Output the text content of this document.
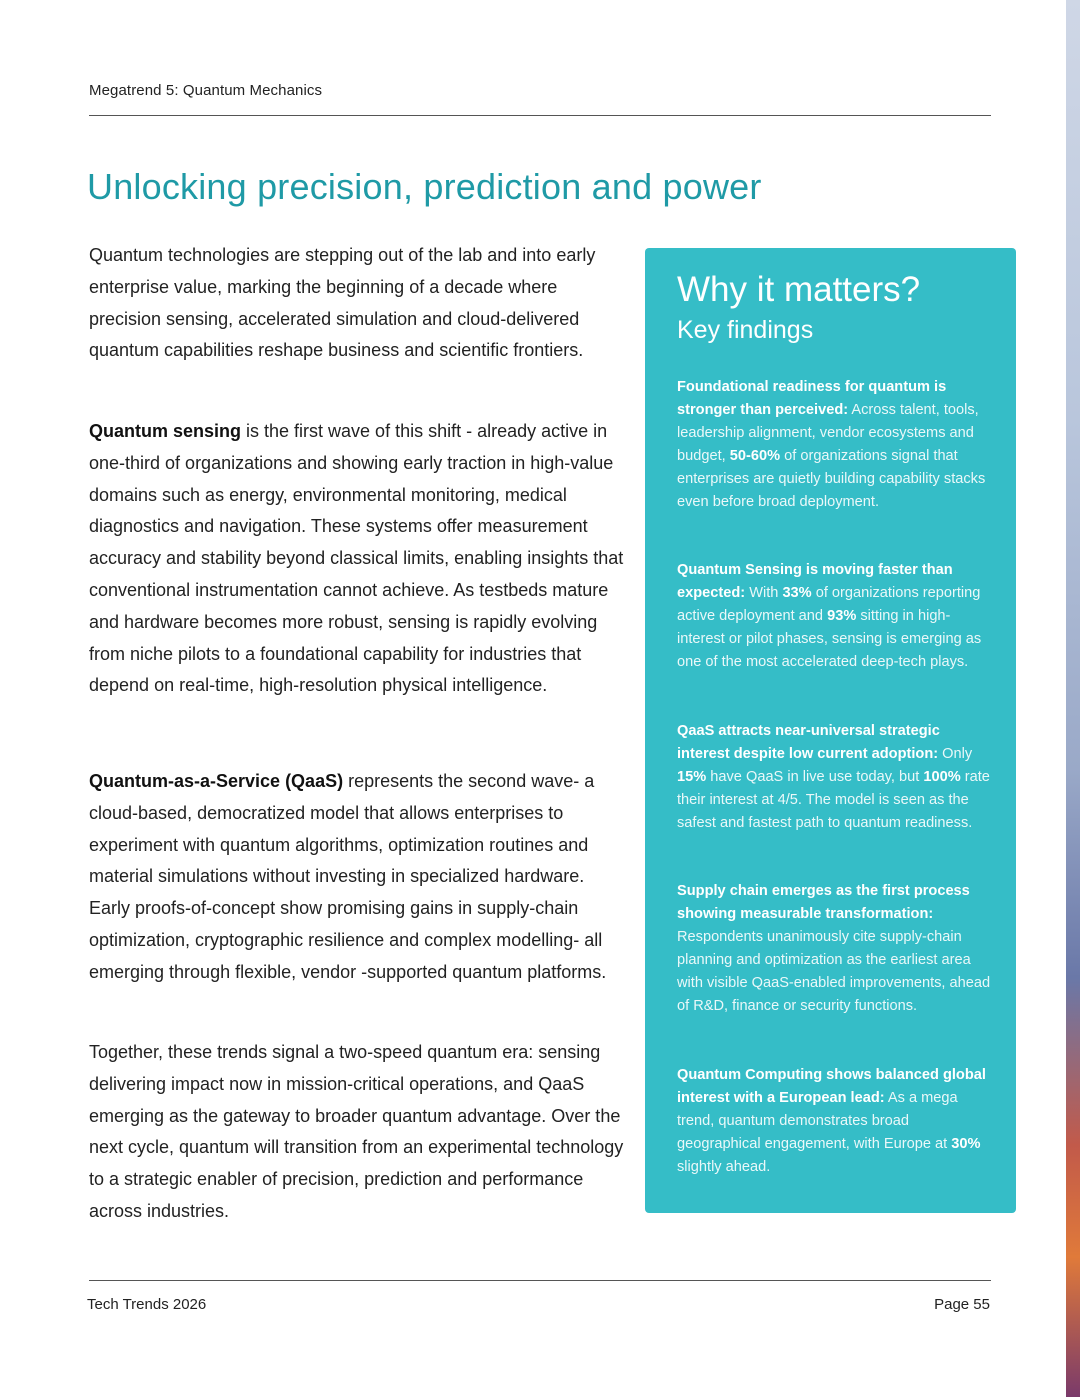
Megatrend 5: Quantum Mechanics
Unlocking precision, prediction and power

Quantum technologies are stepping out of the lab and into early enterprise value, marking the beginning of a decade where precision sensing, accelerated simulation and cloud-delivered quantum capabilities reshape business and scientific frontiers.

Quantum sensing is the first wave of this shift - already active in one-third of organizations and showing early traction in high-value domains such as energy, environmental monitoring, medical diagnostics and navigation. These systems offer measurement accuracy and stability beyond classical limits, enabling insights that conventional instrumentation cannot achieve. As testbeds mature and hardware becomes more robust, sensing is rapidly evolving from niche pilots to a foundational capability for industries that depend on real-time, high-resolution physical intelligence.

Quantum-as-a-Service (QaaS) represents the second wave- a cloud-based, democratized model that allows enterprises to experiment with quantum algorithms, optimization routines and material simulations without investing in specialized hardware. Early proofs-of-concept show promising gains in supply-chain optimization, cryptographic resilience and complex modelling- all emerging through flexible, vendor -supported quantum platforms.

Together, these trends signal a two-speed quantum era: sensing delivering impact now in mission-critical operations, and QaaS emerging as the gateway to broader quantum advantage. Over the next cycle, quantum will transition from an experimental technology to a strategic enabler of precision, prediction and performance across industries.

Why it matters?
Key findings

Foundational readiness for quantum is stronger than perceived: Across talent, tools, leadership alignment, vendor ecosystems and budget, 50-60% of organizations signal that enterprises are quietly building capability stacks even before broad deployment.

Quantum Sensing is moving faster than expected: With 33% of organizations reporting active deployment and 93% sitting in high-interest or pilot phases, sensing is emerging as one of the most accelerated deep-tech plays.

QaaS attracts near-universal strategic interest despite low current adoption: Only 15% have QaaS in live use today, but 100% rate their interest at 4/5. The model is seen as the safest and fastest path to quantum readiness.

Supply chain emerges as the first process showing measurable transformation: Respondents unanimously cite supply-chain planning and optimization as the earliest area with visible QaaS-enabled improvements, ahead of R&D, finance or security functions.

Quantum Computing shows balanced global interest with a European lead: As a mega trend, quantum demonstrates broad geographical engagement, with Europe at 30% slightly ahead.

Tech Trends 2026	Page 55
